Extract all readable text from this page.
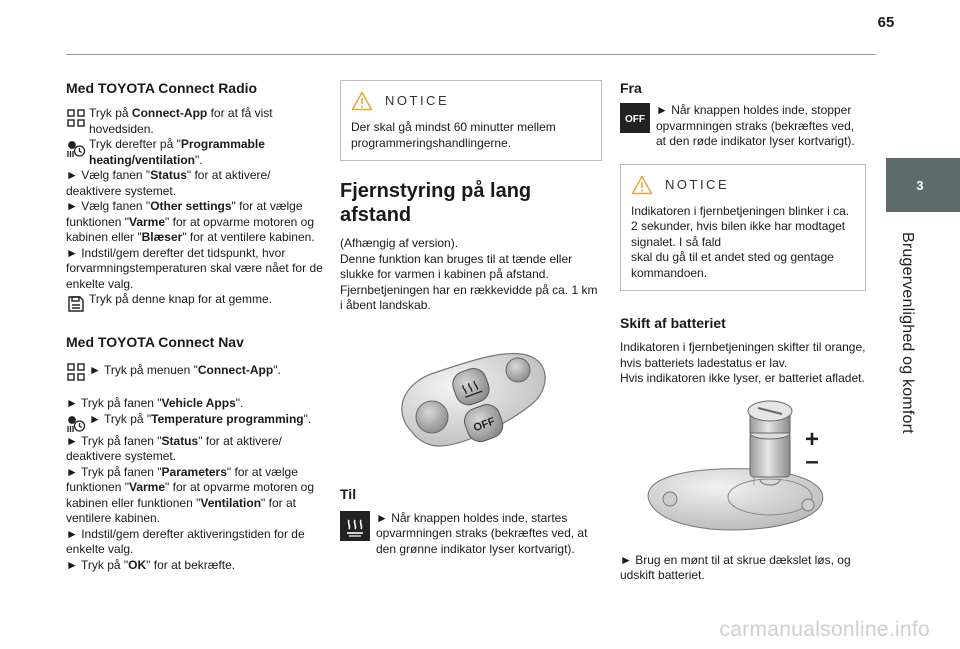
65
3
Brugervenlighed og komfort
Med TOYOTA Connect Radio

Tryk på Connect-App for at få vist hovedsiden.

Tryk derefter på "Programmable heating/ventilation".

► Vælg fanen "Status" for at aktivere/ deaktivere systemet.

► Vælg fanen "Other settings" for at vælge funktionen "Varme" for at opvarme motoren og kabinen eller "Blæser" for at ventilere kabinen.

► Indstil/gem derefter det tidspunkt, hvor forvarmningstemperaturen skal være nået for de enkelte valg.

Tryk på denne knap for at gemme.

Med TOYOTA Connect Nav

► Tryk på menuen "Connect-App".

► Tryk på fanen "Vehicle Apps".

► Tryk på "Temperature programming".

► Tryk på fanen "Status" for at aktivere/ deaktivere systemet.

► Tryk på fanen "Parameters" for at vælge funktionen "Varme" for at opvarme motoren og kabinen eller funktionen "Ventilation" for at ventilere kabinen.

► Indstil/gem derefter aktiveringstiden for de enkelte valg.

► Tryk på "OK" for at bekræfte.

NOTICE

Der skal gå mindst 60 minutter mellem programmeringshandlingerne.

Fjernstyring på lang afstand

(Afhængig af version).

Denne funktion kan bruges til at tænde eller slukke for varmen i kabinen på afstand.

Fjernbetjeningen har en rækkevidde på ca. 1 km i åbent landskab.

OFF
Til

► Når knappen holdes inde, startes opvarmningen straks (bekræftes ved, at den grønne indikator lyser kortvarigt).

Fra
OFF

► Når knappen holdes inde, stopper opvarmningen straks (bekræftes ved, at den røde indikator lyser kortvarigt).

NOTICE

Indikatoren i fjernbetjeningen blinker i ca. 2 sekunder, hvis bilen ikke har modtaget signalet. I så fald

skal du gå til et andet sted og gentage kommandoen.

Skift af batteriet

Indikatoren i fjernbetjeningen skifter til orange, hvis batteriets ladestatus er lav.

Hvis indikatoren ikke lyser, er batteriet afladet.

+
–

► Brug en mønt til at skrue dækslet løs, og udskift batteriet.

carmanualsonline.info
